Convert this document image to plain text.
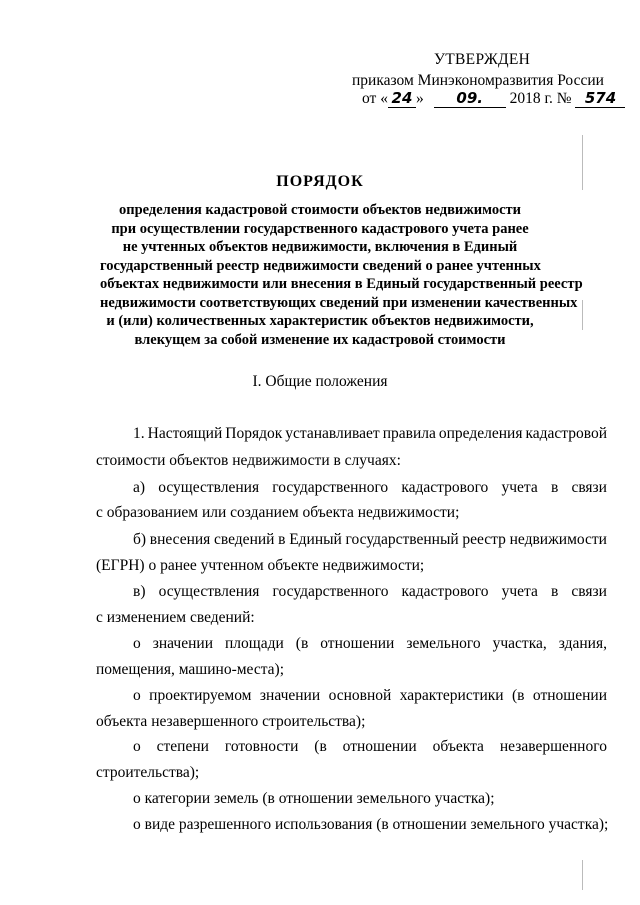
УТВЕРЖДЕН
приказом Минэкономразвития России
от « 24 » 09. 2018 г. № 574
ПОРЯДОК
определения кадастровой стоимости объектов недвижимости
при осуществлении государственного кадастрового учета ранее
не учтенных объектов недвижимости, включения в Единый
государственный реестр недвижимости сведений о ранее учтенных
объектах недвижимости или внесения в Единый государственный реестр
недвижимости соответствующих сведений при изменении качественных
и (или) количественных характеристик объектов недвижимости,
влекущем за собой изменение их кадастровой стоимости
I. Общие положения
1. Настоящий Порядок устанавливает правила определения кадастровой
стоимости объектов недвижимости в случаях:
а) осуществления государственного кадастрового учета в связи
с образованием или созданием объекта недвижимости;
б) внесения сведений в Единый государственный реестр недвижимости
(ЕГРН) о ранее учтенном объекте недвижимости;
в) осуществления государственного кадастрового учета в связи
с изменением сведений:
о значении площади (в отношении земельного участка, здания,
помещения, машино-места);
о проектируемом значении основной характеристики (в отношении
объекта незавершенного строительства);
о степени готовности (в отношении объекта незавершенного
строительства);
о категории земель (в отношении земельного участка);
о виде разрешенного использования (в отношении земельного участка);
